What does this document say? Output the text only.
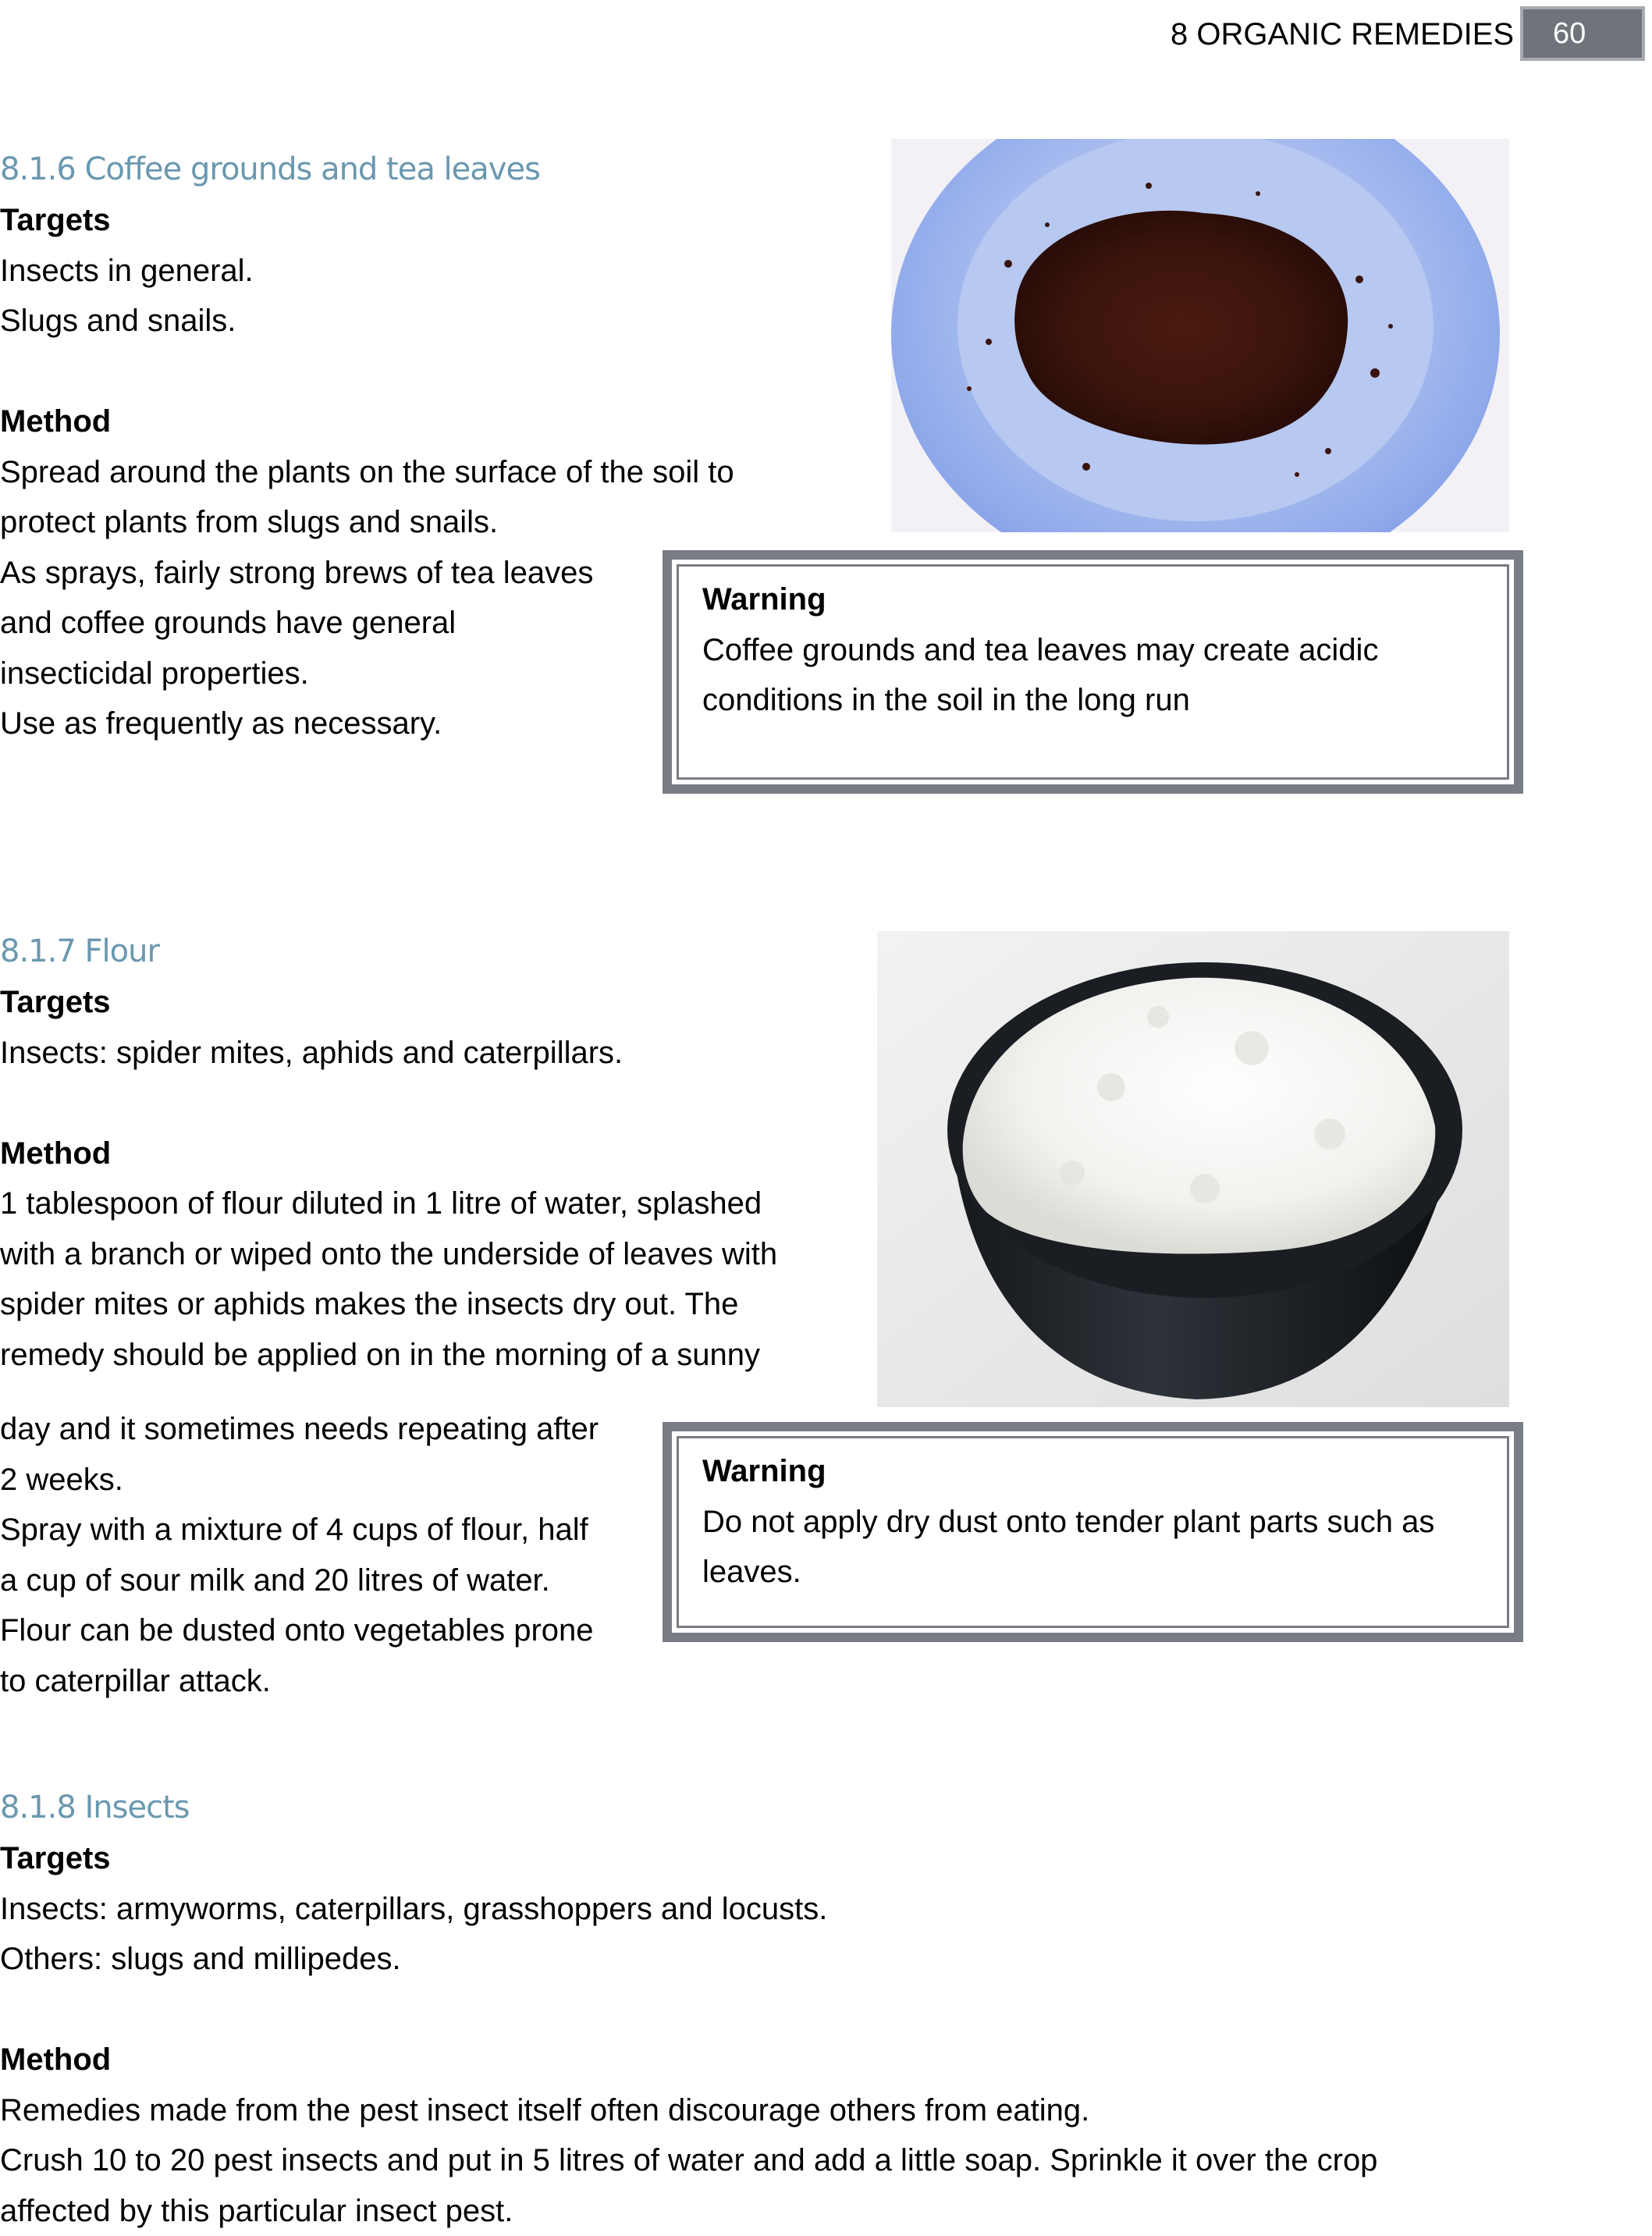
8 ORGANIC REMEDIES	60
8.1.6 Coffee grounds and tea leaves

Targets

Insects in general.

Slugs and snails.

Method

Spread around the plants on the surface of the soil to

protect plants from slugs and snails.

As sprays, fairly strong brews of tea leaves

and coffee grounds have general

insecticidal properties.

Use as frequently as necessary.

Warning

Coffee grounds and tea leaves may create acidic

conditions in the soil in the long run

8.1.7 Flour

Targets

Insects: spider mites, aphids and caterpillars.

Method

1 tablespoon of flour diluted in 1 litre of water, splashed

with a branch or wiped onto the underside of leaves with

spider mites or aphids makes the insects dry out. The

remedy should be applied on in the morning of a sunny

day and it sometimes needs repeating after

2 weeks.

Spray with a mixture of 4 cups of flour, half

a cup of sour milk and 20 litres of water.

Flour can be dusted onto vegetables prone

to caterpillar attack.

Warning

Do not apply dry dust onto tender plant parts such as

leaves.

8.1.8 Insects

Targets

Insects: armyworms, caterpillars, grasshoppers and locusts.

Others: slugs and millipedes.

Method

Remedies made from the pest insect itself often discourage others from eating.

Crush 10 to 20 pest insects and put in 5 litres of water and add a little soap. Sprinkle it over the crop

affected by this particular insect pest.
